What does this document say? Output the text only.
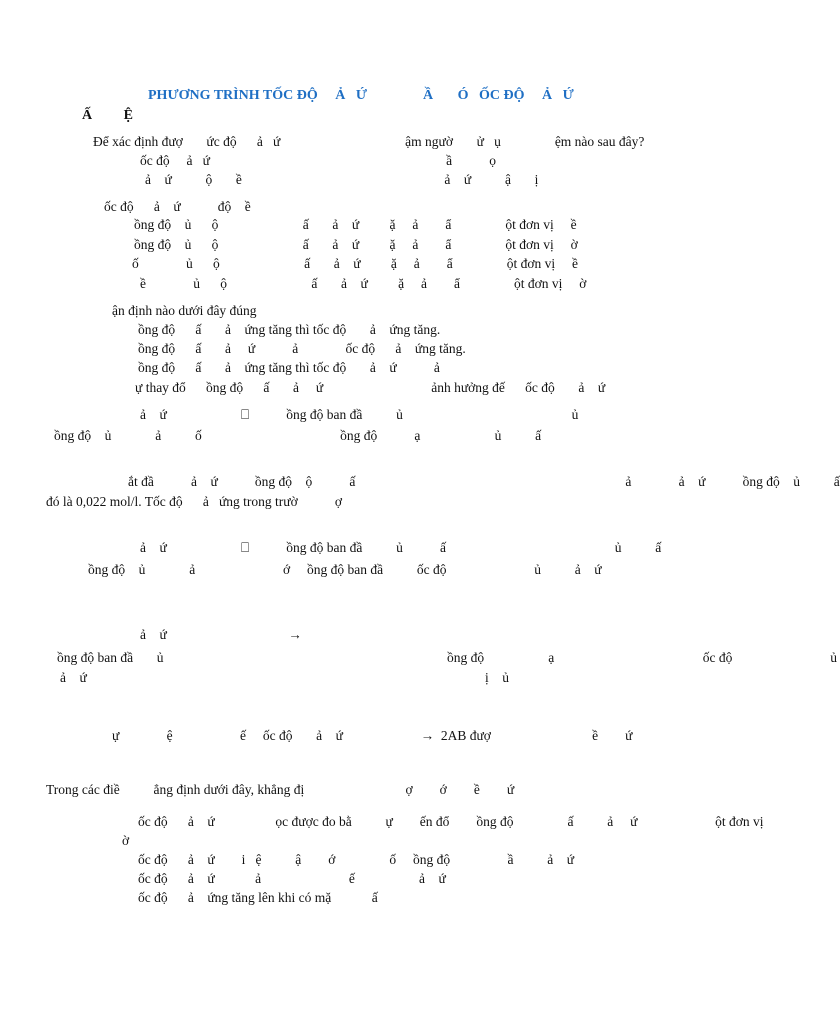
PHƯƠNG TRÌNH TỐC ĐỘ     Ả   Ứ                Ầ       Ó   ỐC ĐỘ     Ả   Ứ
Ấ         Ệ
Để xác định đượ       ức độ      ả   ứ                                     ậm ngườ       ử   ụ                ệm nào sau đây?
ốc độ     ả   ứ                                                                      ầ           ọ
ả    ứ          ộ       ề                                                            ả    ứ          ậ       ị
ốc độ      ả    ứ           độ    ề
ồng độ    ủ      ộ                         ấ       ả    ứ         ặ     ả        ẩ                ột đơn vị     ề
ồng độ    ủ      ộ                         ấ       ả    ứ         ặ     ả        ẩ                ột đơn vị     ờ
ố              ủ      ộ                         ấ       ả    ứ         ặ     ả        ẩ                ột đơn vị     ề
ề              ủ      ộ                         ấ       ả    ứ         ặ     ả        ẩ                ột đơn vị     ờ
ận định nào dưới đây đúng
ồng độ      ấ       ả    ứng tăng thì tốc độ       ả    ứng tăng.
ồng độ      ấ       ả     ứ           ả              ốc độ      ả    ứng tăng.
ồng độ      ấ       ả    ứng tăng thì tốc độ       ả    ứ           ả
ự thay đổ      ồng độ      ấ       ả     ứ                                ảnh hưởng đế      ốc độ       ả    ứ
ả    ứ                      ⎕           ồng độ ban đầ          ủ                                                  ủ
ồng độ    ủ             ả          ố                                         ồng độ           ạ                      ủ          ấ
ắt đầ           ả    ứ           ồng độ    ộ           ấ                                                                                ả              ả    ứ           ồng độ    ủ          ấ
đó là 0,022 mol/l. Tốc độ      ả   ứng trong trườ           ợ
ả    ứ                      ⎕           ồng độ ban đầ          ủ           ấ                                                  ủ          ấ
ồng độ    ủ             ả                          ớ     ồng độ ban đầ          ốc độ                          ủ          ả    ứ
ả    ứ                                    →
ồng độ ban đầ       ủ                                                                                    ồng độ                   ạ                                            ốc độ                             ủ
ả    ứ                                                                                                                      ị    ủ
ự              ệ                    ế     ốc độ       ả    ứ                       →  2AB đượ                              ề        ứ
Trong các điề          ẳng định dưới đây, khẳng đị                              ợ        ớ        ề        ứ
ốc độ      ả    ứ                  ọc được đo bằ          ự        ến đổ        ồng độ                ấ          ả     ứ                       ột đơn vị
ờ
ốc độ      ả    ứ        i   ệ          ậ        ớ                ố     ồng độ                 ầ          ả    ứ
ốc độ      ả    ứ            ả                          ế                   ả    ứ
ốc độ      ả    ứng tăng lên khi có mặ            ấ
